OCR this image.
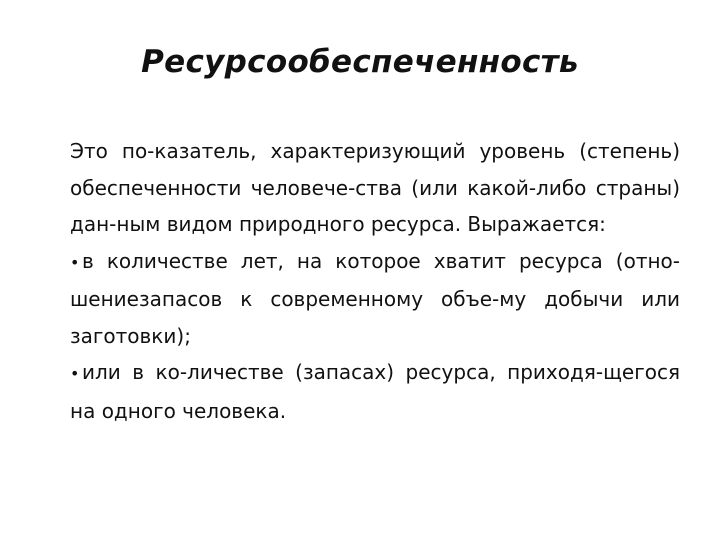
Ресурсообеспеченность

Это по-казатель, характеризующий уровень (степень) обеспеченности человече-ства (или какой-либо страны) дан-ным видом природного ресурса. Выражается:

• в количестве лет, на которое хватит ресурса (отно-шениезапасов к современному объе-му добычи или заготовки);

• или в ко-личестве (запасах) ресурса, приходя-щегося на одного человека.
